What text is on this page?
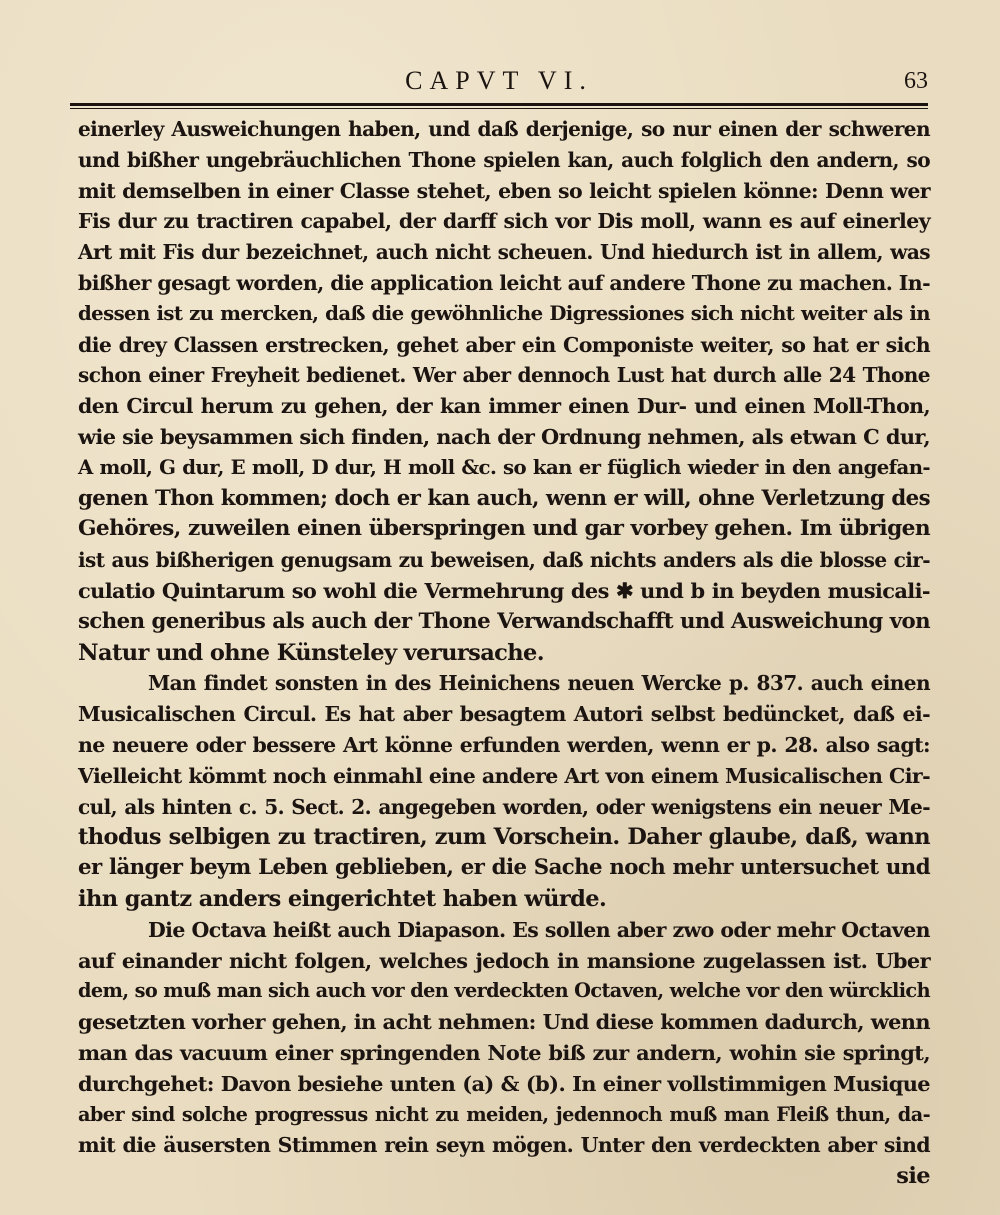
CAPVT VI.	63
einerley Ausweichungen haben, und daß derjenige, so nur einen der schweren
und bißher ungebräuchlichen Thone spielen kan, auch folglich den andern, so
mit demselben in einer Classe stehet, eben so leicht spielen könne: Denn wer
Fis dur zu tractiren capabel, der darff sich vor Dis moll, wann es auf einerley
Art mit Fis dur bezeichnet, auch nicht scheuen. Und hiedurch ist in allem, was
bißher gesagt worden, die application leicht auf andere Thone zu machen. In-
dessen ist zu mercken, daß die gewöhnliche Digressiones sich nicht weiter als in
die drey Classen erstrecken, gehet aber ein Componiste weiter, so hat er sich
schon einer Freyheit bedienet. Wer aber dennoch Lust hat durch alle 24 Thone
den Circul herum zu gehen, der kan immer einen Dur- und einen Moll-Thon,
wie sie beysammen sich finden, nach der Ordnung nehmen, als etwan C dur,
A moll, G dur, E moll, D dur, H moll &c. so kan er füglich wieder in den angefan-
genen Thon kommen; doch er kan auch, wenn er will, ohne Verletzung des
Gehöres, zuweilen einen überspringen und gar vorbey gehen. Im übrigen
ist aus bißherigen genugsam zu beweisen, daß nichts anders als die blosse cir-
culatio Quintarum so wohl die Vermehrung des ✱ und b in beyden musicali-
schen generibus als auch der Thone Verwandschafft und Ausweichung von
Natur und ohne Künsteley verursache.
Man findet sonsten in des Heinichens neuen Wercke p. 837. auch einen
Musicalischen Circul. Es hat aber besagtem Autori selbst bedüncket, daß ei-
ne neuere oder bessere Art könne erfunden werden, wenn er p. 28. also sagt:
Vielleicht kömmt noch einmahl eine andere Art von einem Musicalischen Cir-
cul, als hinten c. 5. Sect. 2. angegeben worden, oder wenigstens ein neuer Me-
thodus selbigen zu tractiren, zum Vorschein. Daher glaube, daß, wann
er länger beym Leben geblieben, er die Sache noch mehr untersuchet und
ihn gantz anders eingerichtet haben würde.
Die Octava heißt auch Diapason. Es sollen aber zwo oder mehr Octaven
auf einander nicht folgen, welches jedoch in mansione zugelassen ist. Uber
dem, so muß man sich auch vor den verdeckten Octaven, welche vor den würcklich
gesetzten vorher gehen, in acht nehmen: Und diese kommen dadurch, wenn
man das vacuum einer springenden Note biß zur andern, wohin sie springt,
durchgehet: Davon besiehe unten (a) & (b). In einer vollstimmigen Musique
aber sind solche progressus nicht zu meiden, jedennoch muß man Fleiß thun, da-
mit die äusersten Stimmen rein seyn mögen. Unter den verdeckten aber sind
sie
